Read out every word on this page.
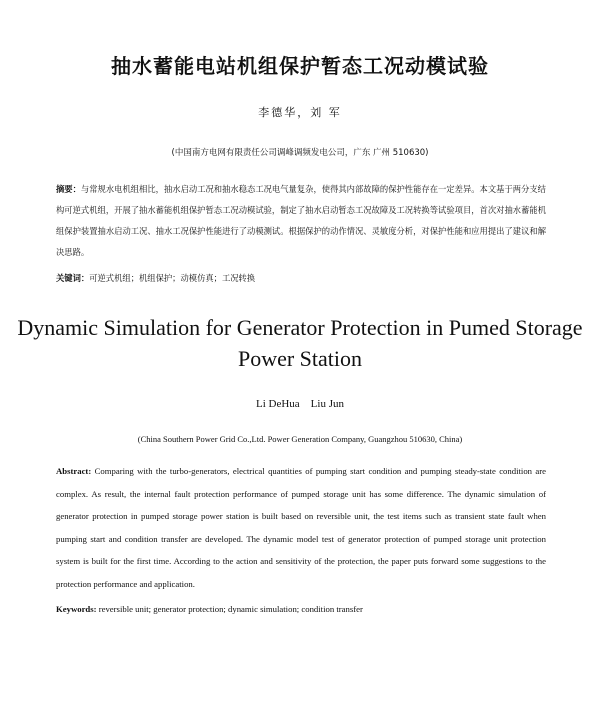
抽水蓄能电站机组保护暂态工况动模试验
李德华，刘 军
(中国南方电网有限责任公司调峰调频发电公司，广东 广州 510630)
摘要：与常规水电机组相比，抽水启动工况和抽水稳态工况电气量复杂，使得其内部故障的保护性能存在一定差异。本文基于两分支结构可逆式机组，开展了抽水蓄能机组保护暂态工况动模试验，制定了抽水启动暂态工况故障及工况转换等试验项目，首次对抽水蓄能机组保护装置抽水启动工况、抽水工况保护性能进行了动模测试。根据保护的动作情况、灵敏度分析，对保护性能和应用提出了建议和解决思路。
关键词：可逆式机组；机组保护；动模仿真；工况转换
Dynamic Simulation for Generator Protection in Pumed Storage Power Station
Li DeHua    Liu Jun
(China Southern Power Grid Co.,Ltd. Power Generation Company, Guangzhou 510630, China)
Abstract: Comparing with the turbo-generators, electrical quantities of pumping start condition and pumping steady-state condition are complex. As result, the internal fault protection performance of pumped storage unit has some difference. The dynamic simulation of generator protection in pumped storage power station is built based on reversible unit, the test items such as transient state fault when pumping start and condition transfer are developed. The dynamic model test of generator protection of pumped storage unit protection system is built for the first time. According to the action and sensitivity of the protection, the paper puts forward some suggestions to the protection performance and application.
Keywords: reversible unit; generator protection; dynamic simulation; condition transfer
